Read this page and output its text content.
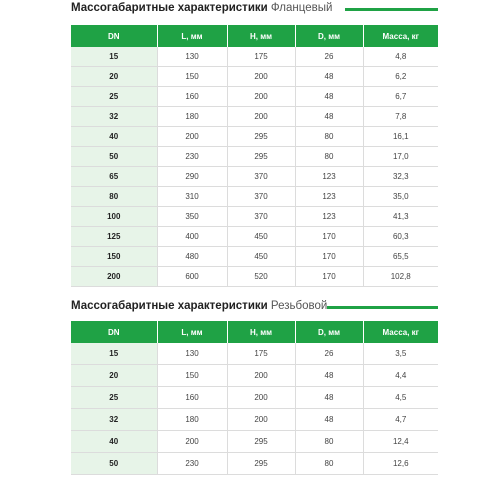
Массогабаритные характеристики Фланцевый
DN	L, мм	H, мм	D, мм	Масса, кг
15	130	175	26	4,8
20	150	200	48	6,2
25	160	200	48	6,7
32	180	200	48	7,8
40	200	295	80	16,1
50	230	295	80	17,0
65	290	370	123	32,3
80	310	370	123	35,0
100	350	370	123	41,3
125	400	450	170	60,3
150	480	450	170	65,5
200	600	520	170	102,8
Массогабаритные характеристики Резьбовой
DN	L, мм	H, мм	D, мм	Масса, кг
15	130	175	26	3,5
20	150	200	48	4,4
25	160	200	48	4,5
32	180	200	48	4,7
40	200	295	80	12,4
50	230	295	80	12,6
